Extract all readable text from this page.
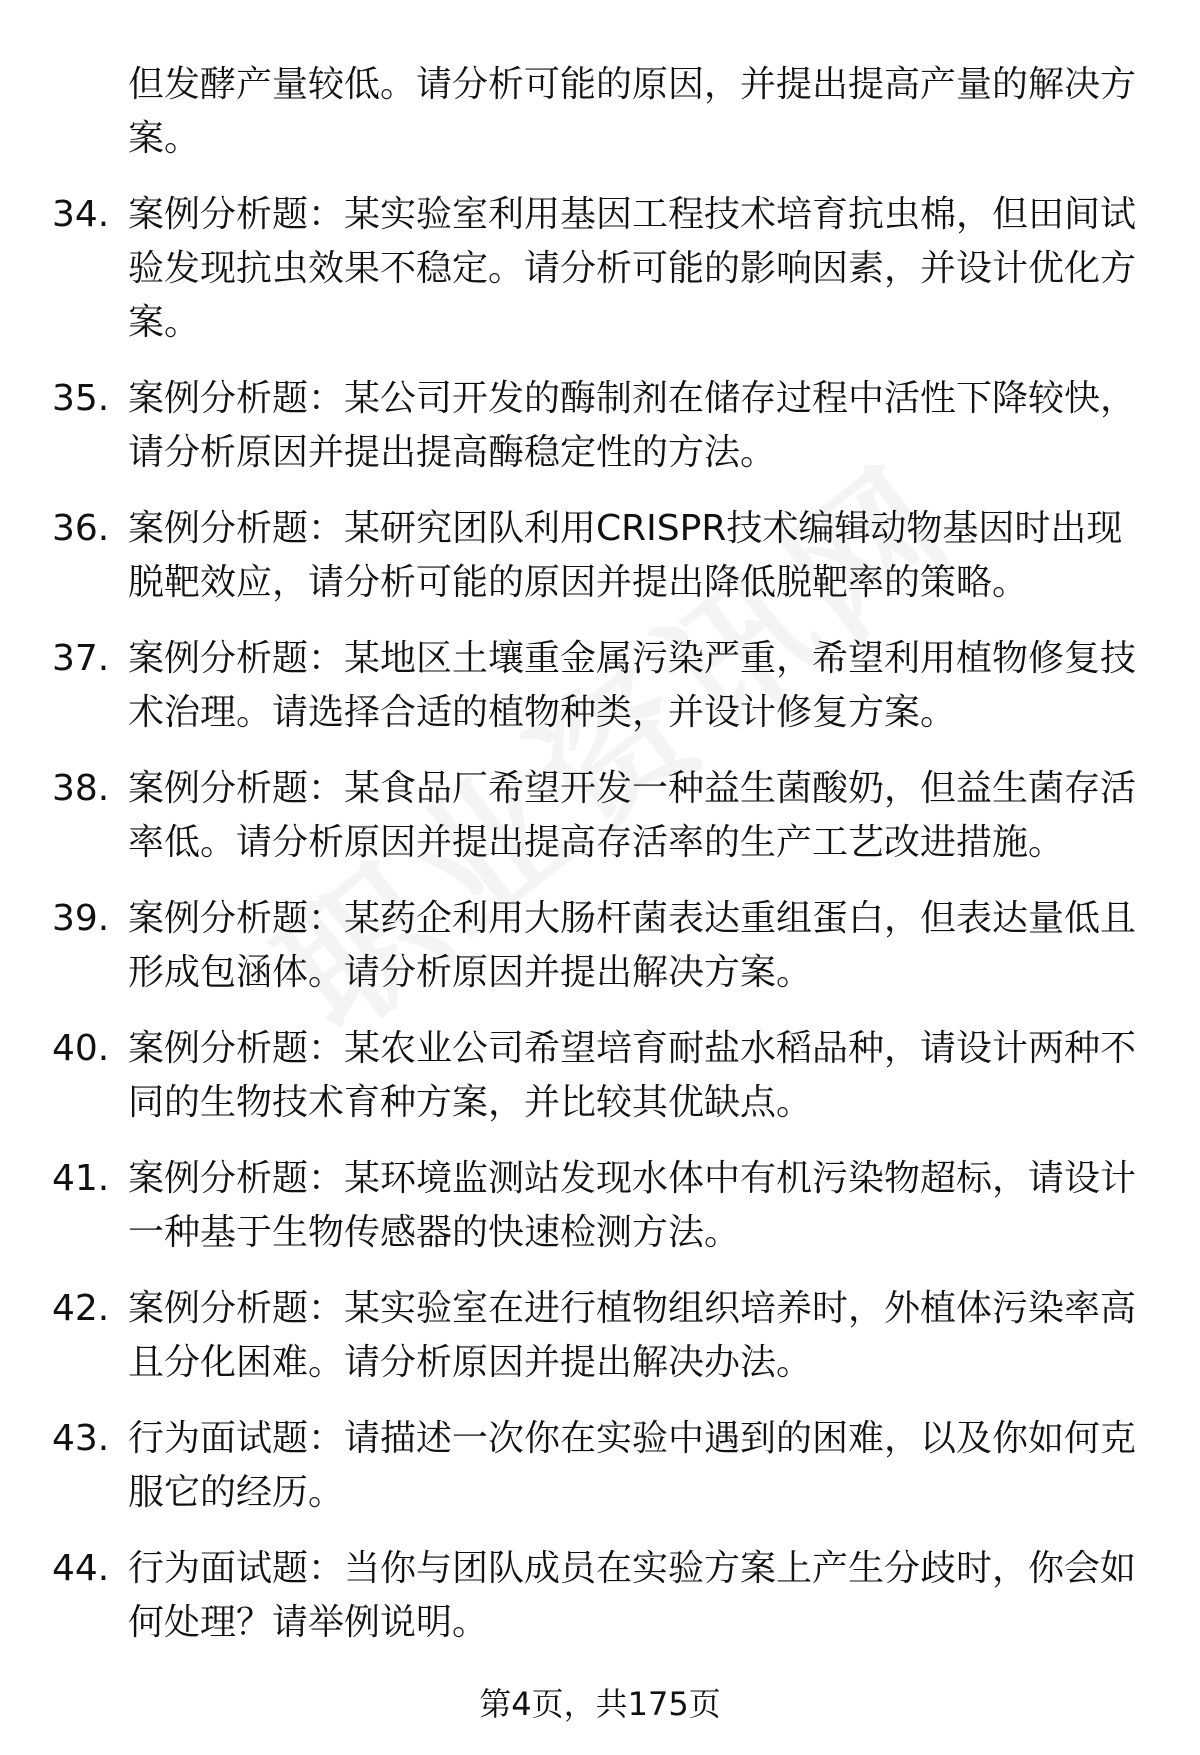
但发酵产量较低。请分析可能的原因，并提出提高产量的解决方案。
34. 案例分析题：某实验室利用基因工程技术培育抗虫棉，但田间试验发现抗虫效果不稳定。请分析可能的影响因素，并设计优化方案。
35. 案例分析题：某公司开发的酶制剂在储存过程中活性下降较快，请分析原因并提出提高酶稳定性的方法。
36. 案例分析题：某研究团队利用CRISPR技术编辑动物基因时出现脱靶效应，请分析可能的原因并提出降低脱靶率的策略。
37. 案例分析题：某地区土壤重金属污染严重，希望利用植物修复技术治理。请选择合适的植物种类，并设计修复方案。
38. 案例分析题：某食品厂希望开发一种益生菌酸奶，但益生菌存活率低。请分析原因并提出提高存活率的生产工艺改进措施。
39. 案例分析题：某药企利用大肠杆菌表达重组蛋白，但表达量低且形成包涵体。请分析原因并提出解决方案。
40. 案例分析题：某农业公司希望培育耐盐水稻品种，请设计两种不同的生物技术育种方案，并比较其优缺点。
41. 案例分析题：某环境监测站发现水体中有机污染物超标，请设计一种基于生物传感器的快速检测方法。
42. 案例分析题：某实验室在进行植物组织培养时，外植体污染率高且分化困难。请分析原因并提出解决办法。
43. 行为面试题：请描述一次你在实验中遇到的困难，以及你如何克服它的经历。
44. 行为面试题：当你与团队成员在实验方案上产生分歧时，你会如何处理？请举例说明。
第4页，共175页
